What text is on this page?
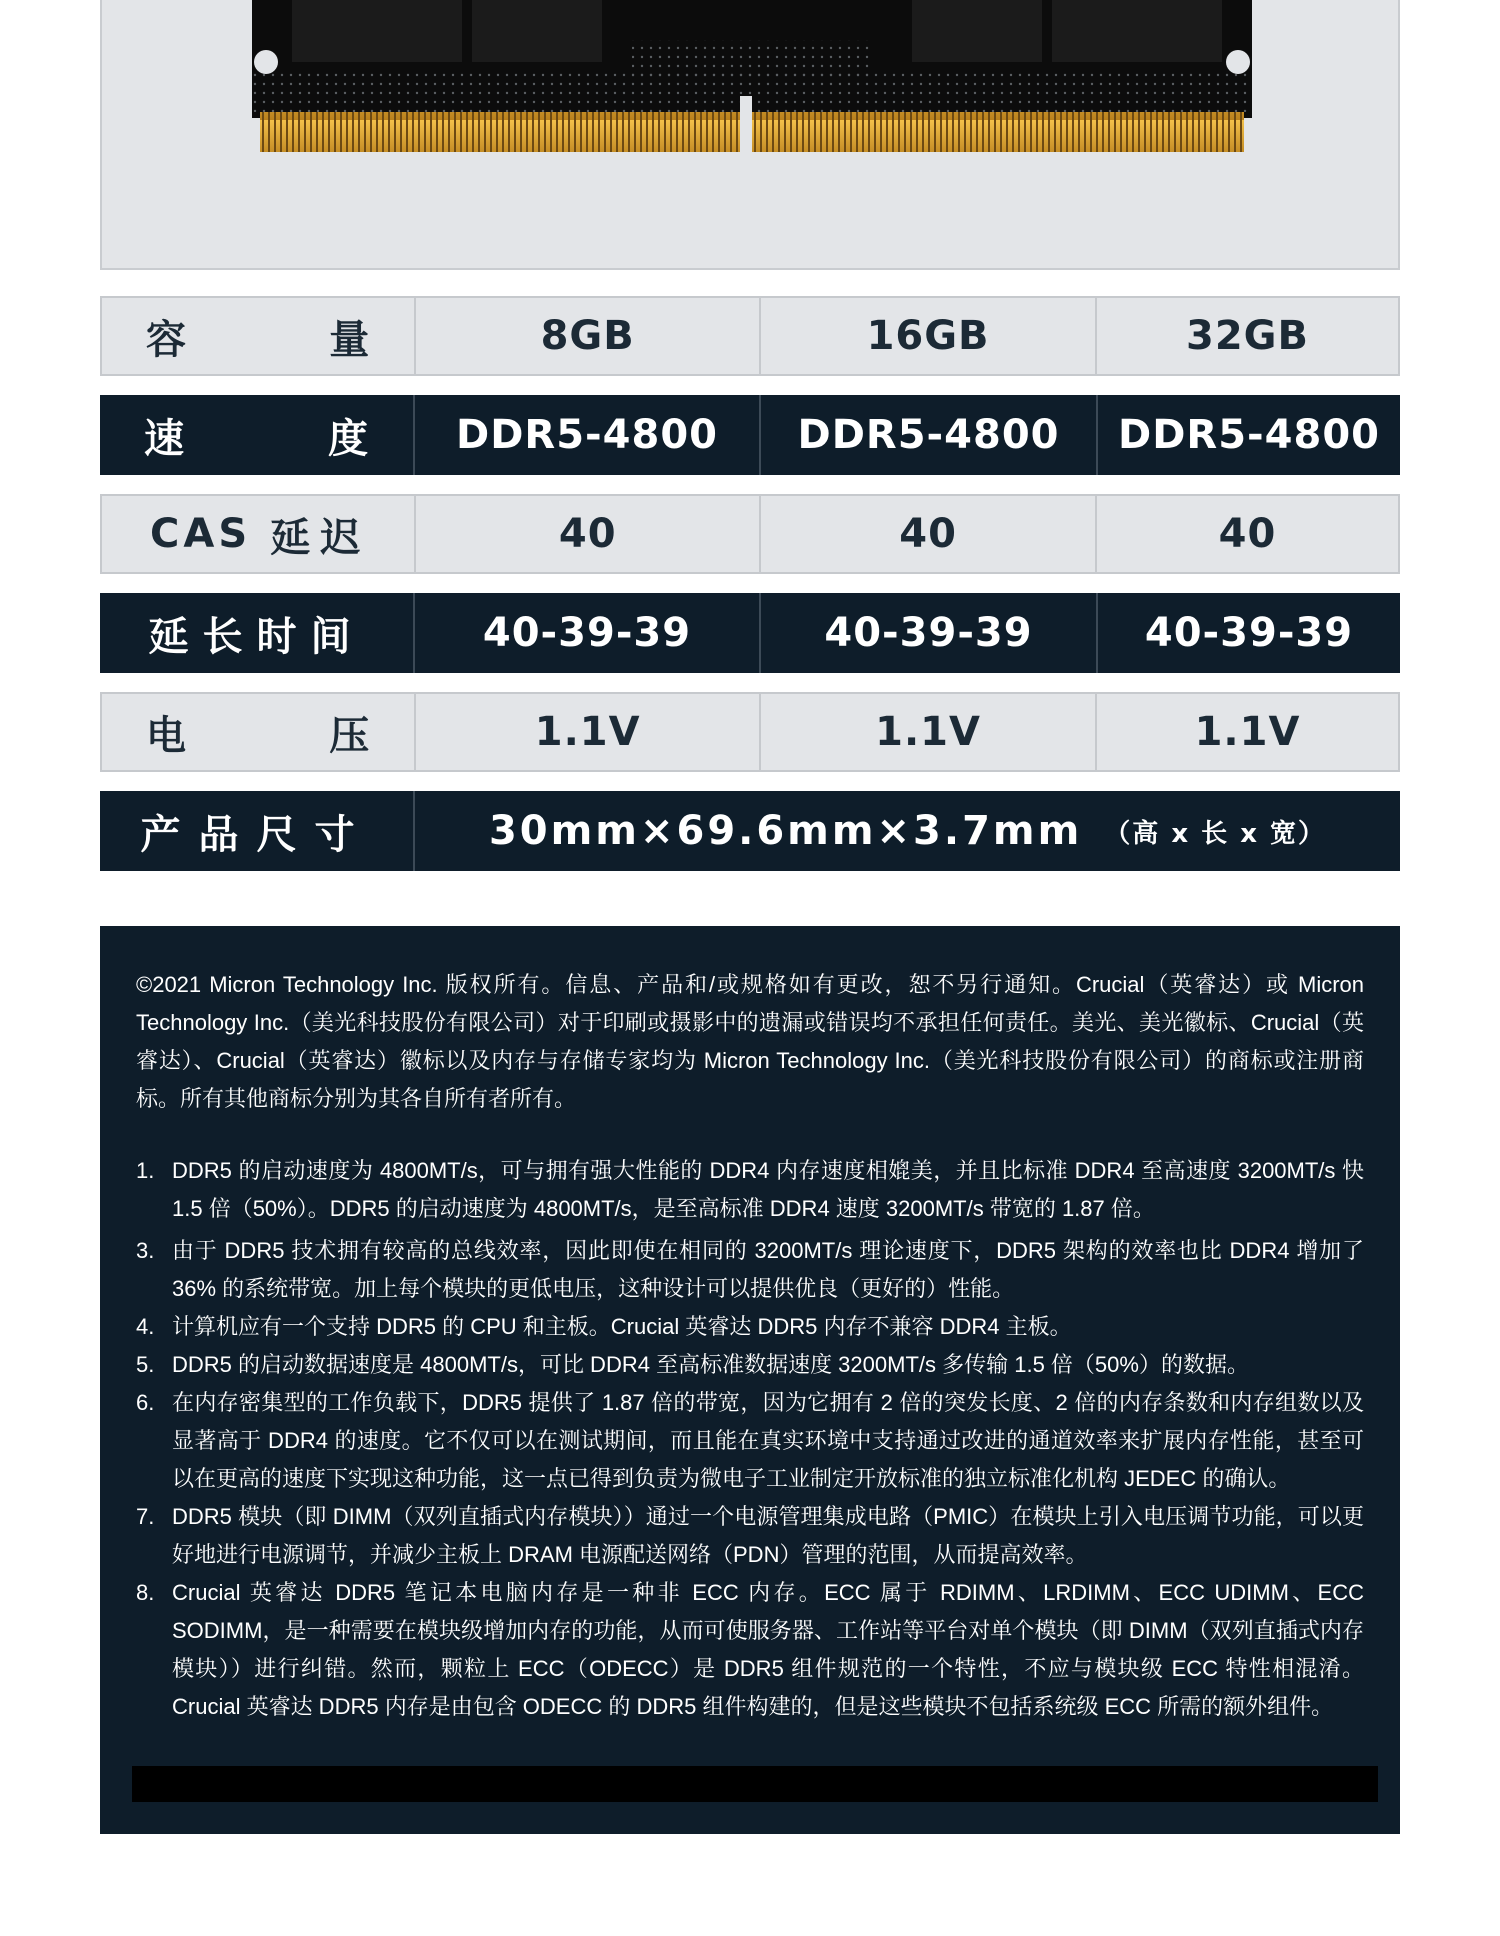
容	量	8GB	16GB	32GB
速	度	DDR5-4800	DDR5-4800	DDR5-4800
CAS 延迟	40	40	40
延长时间	40-39-39	40-39-39	40-39-39
电	压	1.1V	1.1V	1.1V
产品尺寸	30mm×69.6mm×3.7mm （高 x 长 x 宽）

©2021 Micron Technology Inc. 版权所有。信息、产品和/或规格如有更改，恕不另行通知。Crucial（英睿达）或 Micron Technology Inc.（美光科技股份有限公司）对于印刷或摄影中的遗漏或错误均不承担任何责任。美光、美光徽标、Crucial（英睿达）、Crucial（英睿达）徽标以及内存与存储专家均为 Micron Technology Inc.（美光科技股份有限公司）的商标或注册商标。所有其他商标分别为其各自所有者所有。

1. DDR5 的启动速度为 4800MT/s，可与拥有强大性能的 DDR4 内存速度相媲美，并且比标准 DDR4 至高速度 3200MT/s 快 1.5 倍（50%）。DDR5 的启动速度为 4800MT/s，是至高标准 DDR4 速度 3200MT/s 带宽的 1.87 倍。
3. 由于 DDR5 技术拥有较高的总线效率，因此即使在相同的 3200MT/s 理论速度下，DDR5 架构的效率也比 DDR4 增加了 36% 的系统带宽。加上每个模块的更低电压，这种设计可以提供优良（更好的）性能。
4. 计算机应有一个支持 DDR5 的 CPU 和主板。Crucial 英睿达 DDR5 内存不兼容 DDR4 主板。
5. DDR5 的启动数据速度是 4800MT/s，可比 DDR4 至高标准数据速度 3200MT/s 多传输 1.5 倍（50%）的数据。
6. 在内存密集型的工作负载下，DDR5 提供了 1.87 倍的带宽，因为它拥有 2 倍的突发长度、2 倍的内存条数和内存组数以及显著高于 DDR4 的速度。它不仅可以在测试期间，而且能在真实环境中支持通过改进的通道效率来扩展内存性能，甚至可以在更高的速度下实现这种功能，这一点已得到负责为微电子工业制定开放标准的独立标准化机构 JEDEC 的确认。
7. DDR5 模块（即 DIMM（双列直插式内存模块））通过一个电源管理集成电路（PMIC）在模块上引入电压调节功能，可以更好地进行电源调节，并减少主板上 DRAM 电源配送网络（PDN）管理的范围，从而提高效率。
8. Crucial 英睿达 DDR5 笔记本电脑内存是一种非 ECC 内存。ECC 属于 RDIMM、LRDIMM、ECC UDIMM、ECC SODIMM，是一种需要在模块级增加内存的功能，从而可使服务器、工作站等平台对单个模块（即 DIMM（双列直插式内存模块））进行纠错。然而，颗粒上 ECC（ODECC）是 DDR5 组件规范的一个特性，不应与模块级 ECC 特性相混淆。Crucial 英睿达 DDR5 内存是由包含 ODECC 的 DDR5 组件构建的，但是这些模块不包括系统级 ECC 所需的额外组件。
